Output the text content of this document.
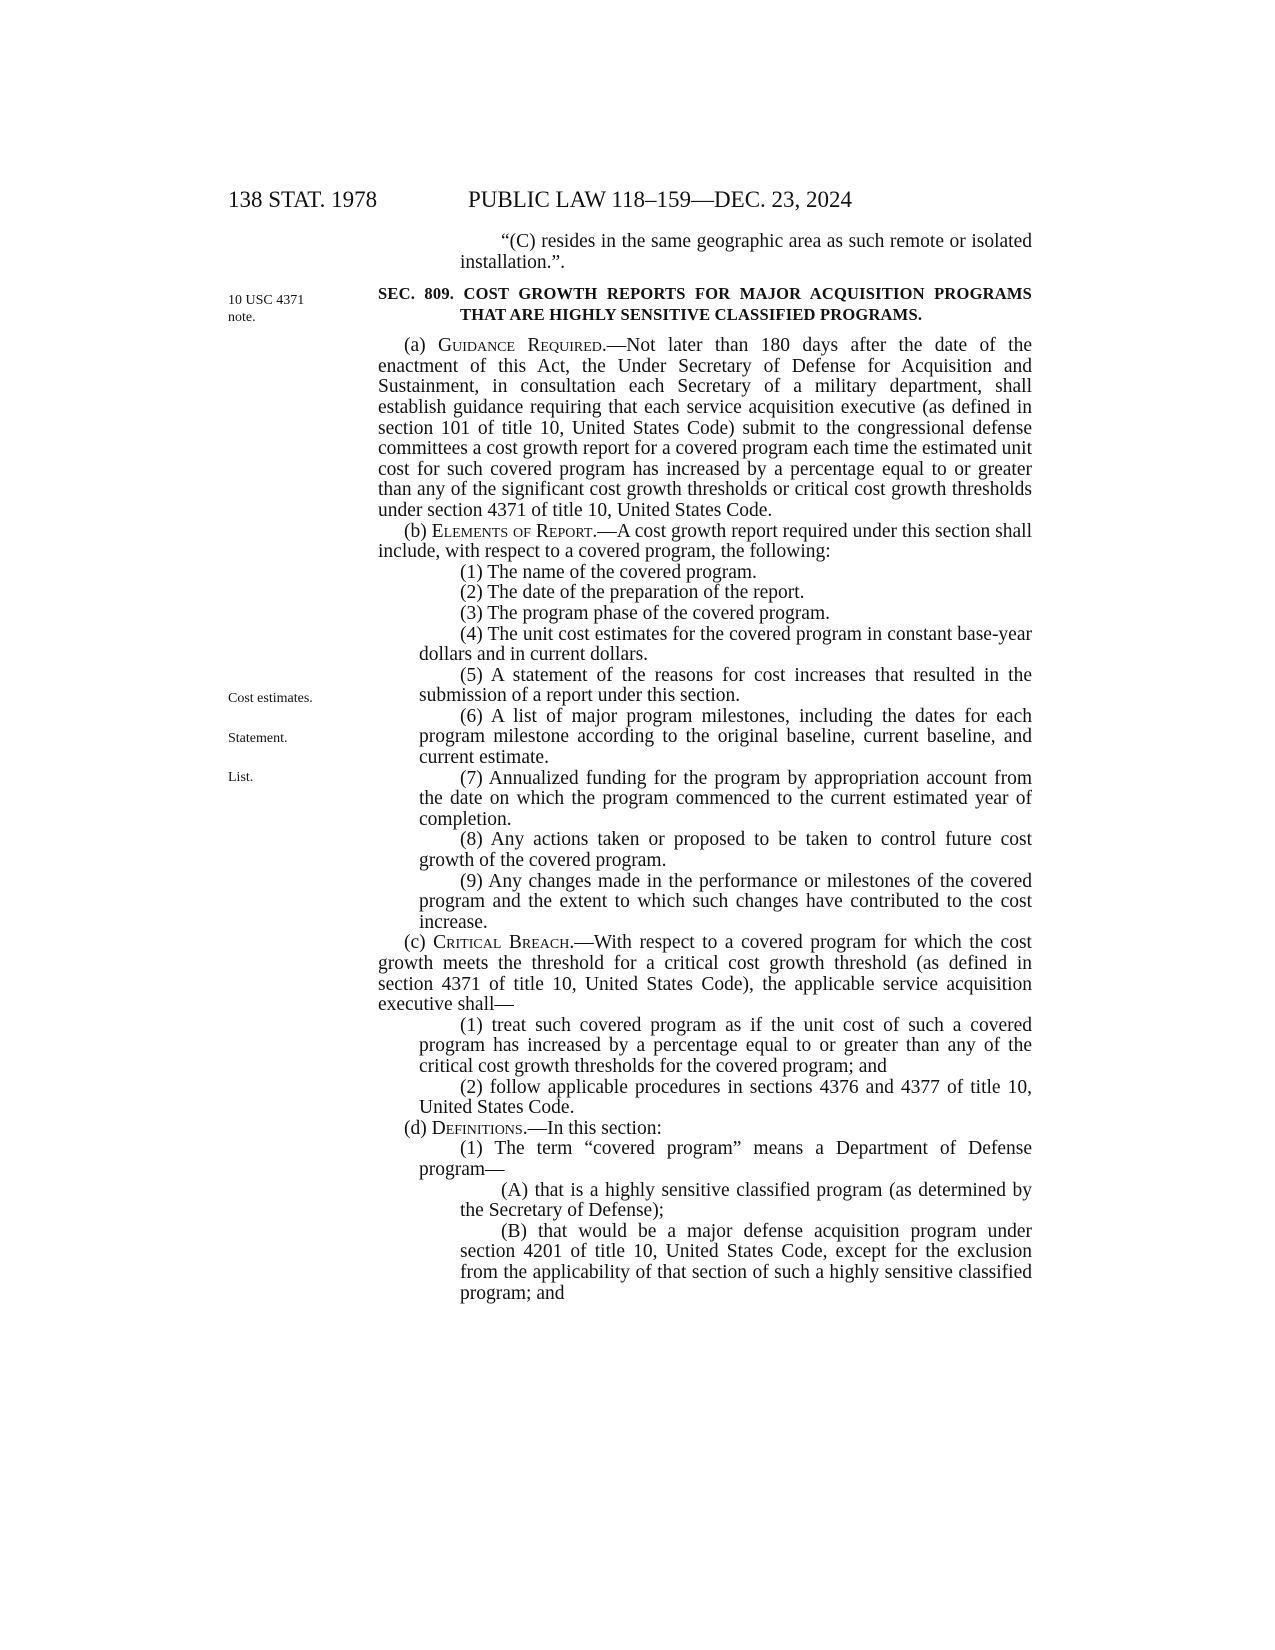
138 STAT. 1978	PUBLIC LAW 118–159—DEC. 23, 2024
10 USC 4371 note.
Cost estimates.
Statement.
List.

“(C) resides in the same geographic area as such remote or isolated installation.”.

SEC. 809. COST GROWTH REPORTS FOR MAJOR ACQUISITION PROGRAMS THAT ARE HIGHLY SENSITIVE CLASSIFIED PROGRAMS.

(a) Guidance Required.—Not later than 180 days after the date of the enactment of this Act, the Under Secretary of Defense for Acquisition and Sustainment, in consultation each Secretary of a military department, shall establish guidance requiring that each service acquisition executive (as defined in section 101 of title 10, United States Code) submit to the congressional defense committees a cost growth report for a covered program each time the estimated unit cost for such covered program has increased by a percentage equal to or greater than any of the significant cost growth thresholds or critical cost growth thresholds under section 4371 of title 10, United States Code.

(b) Elements of Report.—A cost growth report required under this section shall include, with respect to a covered program, the following:

(1) The name of the covered program.

(2) The date of the preparation of the report.

(3) The program phase of the covered program.

(4) The unit cost estimates for the covered program in constant base-year dollars and in current dollars.

(5) A statement of the reasons for cost increases that resulted in the submission of a report under this section.

(6) A list of major program milestones, including the dates for each program milestone according to the original baseline, current baseline, and current estimate.

(7) Annualized funding for the program by appropriation account from the date on which the program commenced to the current estimated year of completion.

(8) Any actions taken or proposed to be taken to control future cost growth of the covered program.

(9) Any changes made in the performance or milestones of the covered program and the extent to which such changes have contributed to the cost increase.

(c) Critical Breach.—With respect to a covered program for which the cost growth meets the threshold for a critical cost growth threshold (as defined in section 4371 of title 10, United States Code), the applicable service acquisition executive shall—

(1) treat such covered program as if the unit cost of such a covered program has increased by a percentage equal to or greater than any of the critical cost growth thresholds for the covered program; and

(2) follow applicable procedures in sections 4376 and 4377 of title 10, United States Code.

(d) Definitions.—In this section:

(1) The term “covered program” means a Department of Defense program—

(A) that is a highly sensitive classified program (as determined by the Secretary of Defense);

(B) that would be a major defense acquisition program under section 4201 of title 10, United States Code, except for the exclusion from the applicability of that section of such a highly sensitive classified program; and
